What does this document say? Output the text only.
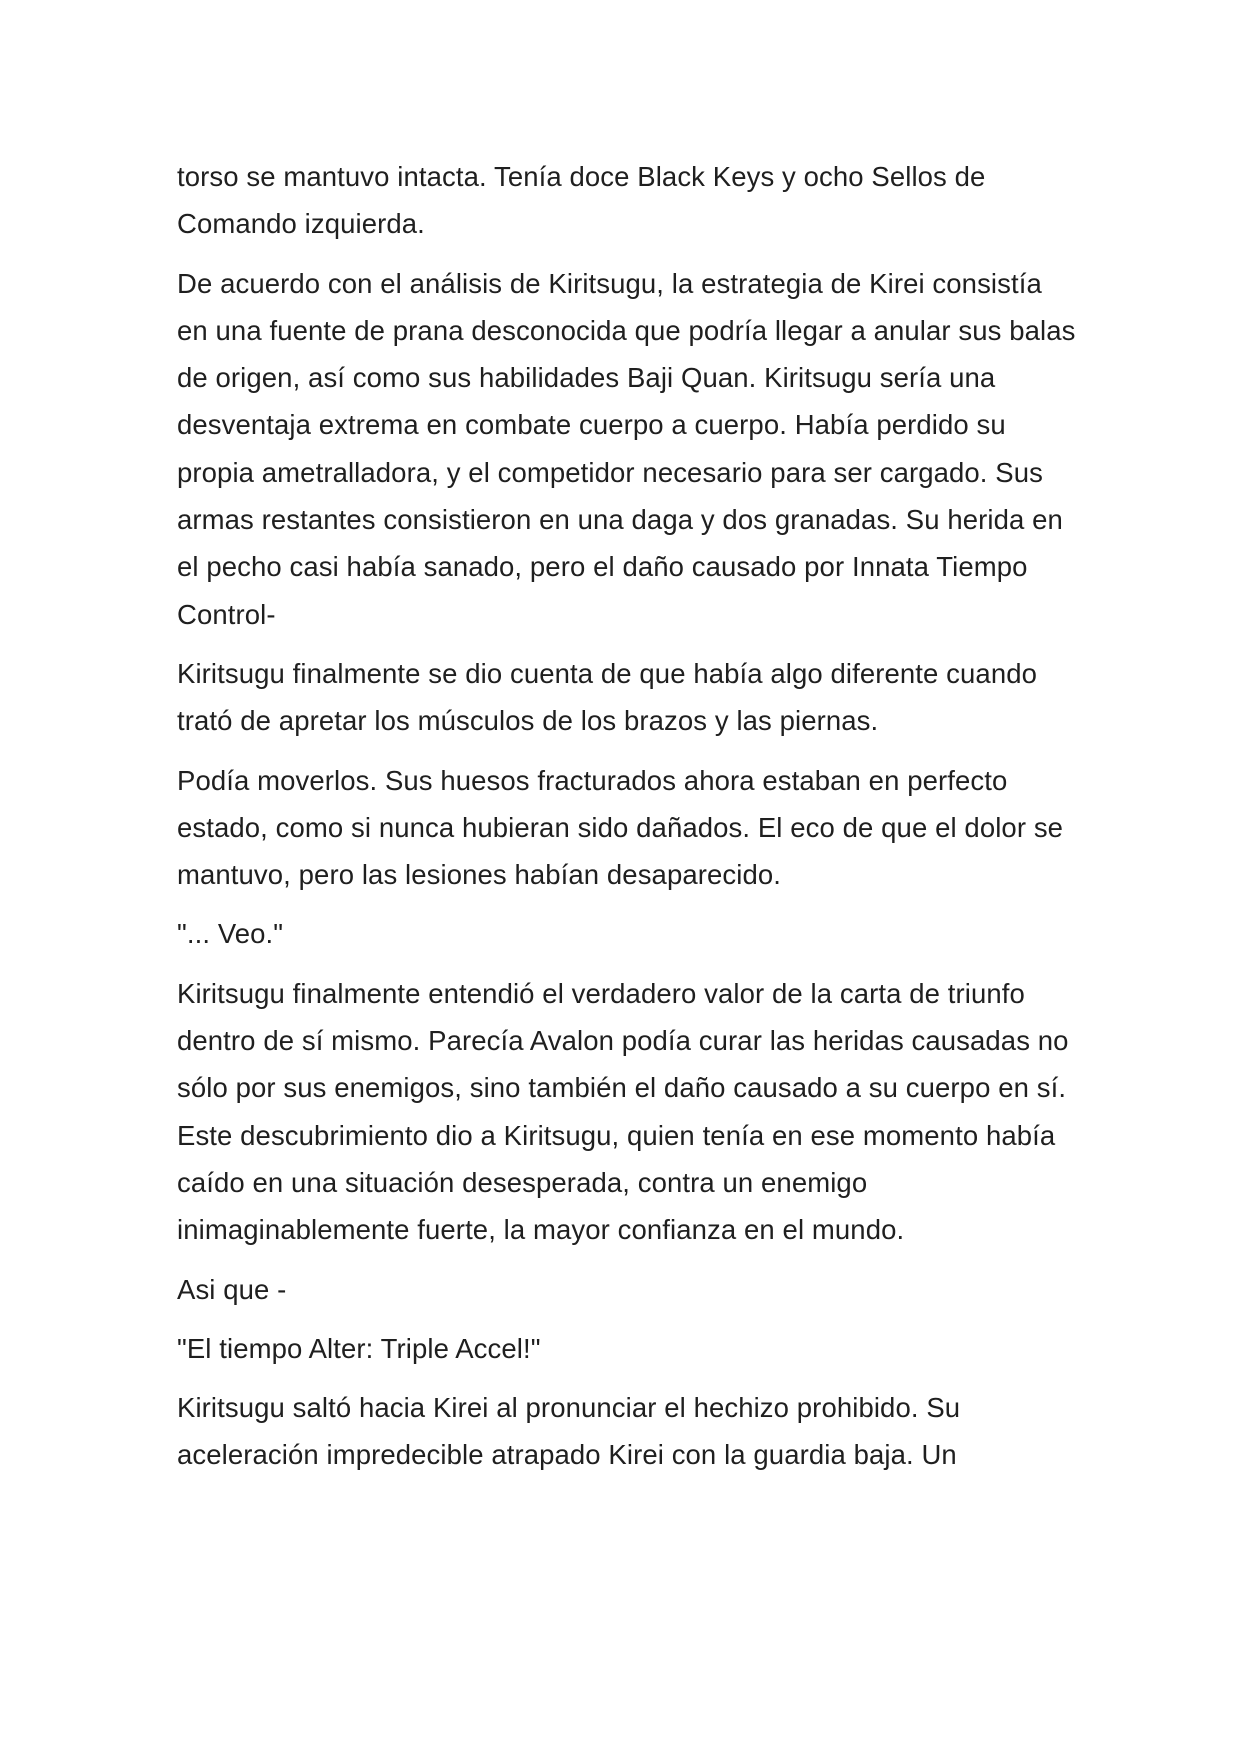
torso se mantuvo intacta. Tenía doce Black Keys y ocho Sellos de Comando izquierda.

De acuerdo con el análisis de Kiritsugu, la estrategia de Kirei consistía en una fuente de prana desconocida que podría llegar a anular sus balas de origen, así como sus habilidades Baji Quan. Kiritsugu sería una desventaja extrema en combate cuerpo a cuerpo. Había perdido su propia ametralladora, y el competidor necesario para ser cargado. Sus armas restantes consistieron en una daga y dos granadas. Su herida en el pecho casi había sanado, pero el daño causado por Innata Tiempo Control-

Kiritsugu finalmente se dio cuenta de que había algo diferente cuando trató de apretar los músculos de los brazos y las piernas.

Podía moverlos. Sus huesos fracturados ahora estaban en perfecto estado, como si nunca hubieran sido dañados. El eco de que el dolor se mantuvo, pero las lesiones habían desaparecido.

"... Veo."

Kiritsugu finalmente entendió el verdadero valor de la carta de triunfo dentro de sí mismo. Parecía Avalon podía curar las heridas causadas no sólo por sus enemigos, sino también el daño causado a su cuerpo en sí. Este descubrimiento dio a Kiritsugu, quien tenía en ese momento había caído en una situación desesperada, contra un enemigo inimaginablemente fuerte, la mayor confianza en el mundo.

Asi que -

"El tiempo Alter: Triple Accel!"

Kiritsugu saltó hacia Kirei al pronunciar el hechizo prohibido. Su aceleración impredecible atrapado Kirei con la guardia baja. Un
